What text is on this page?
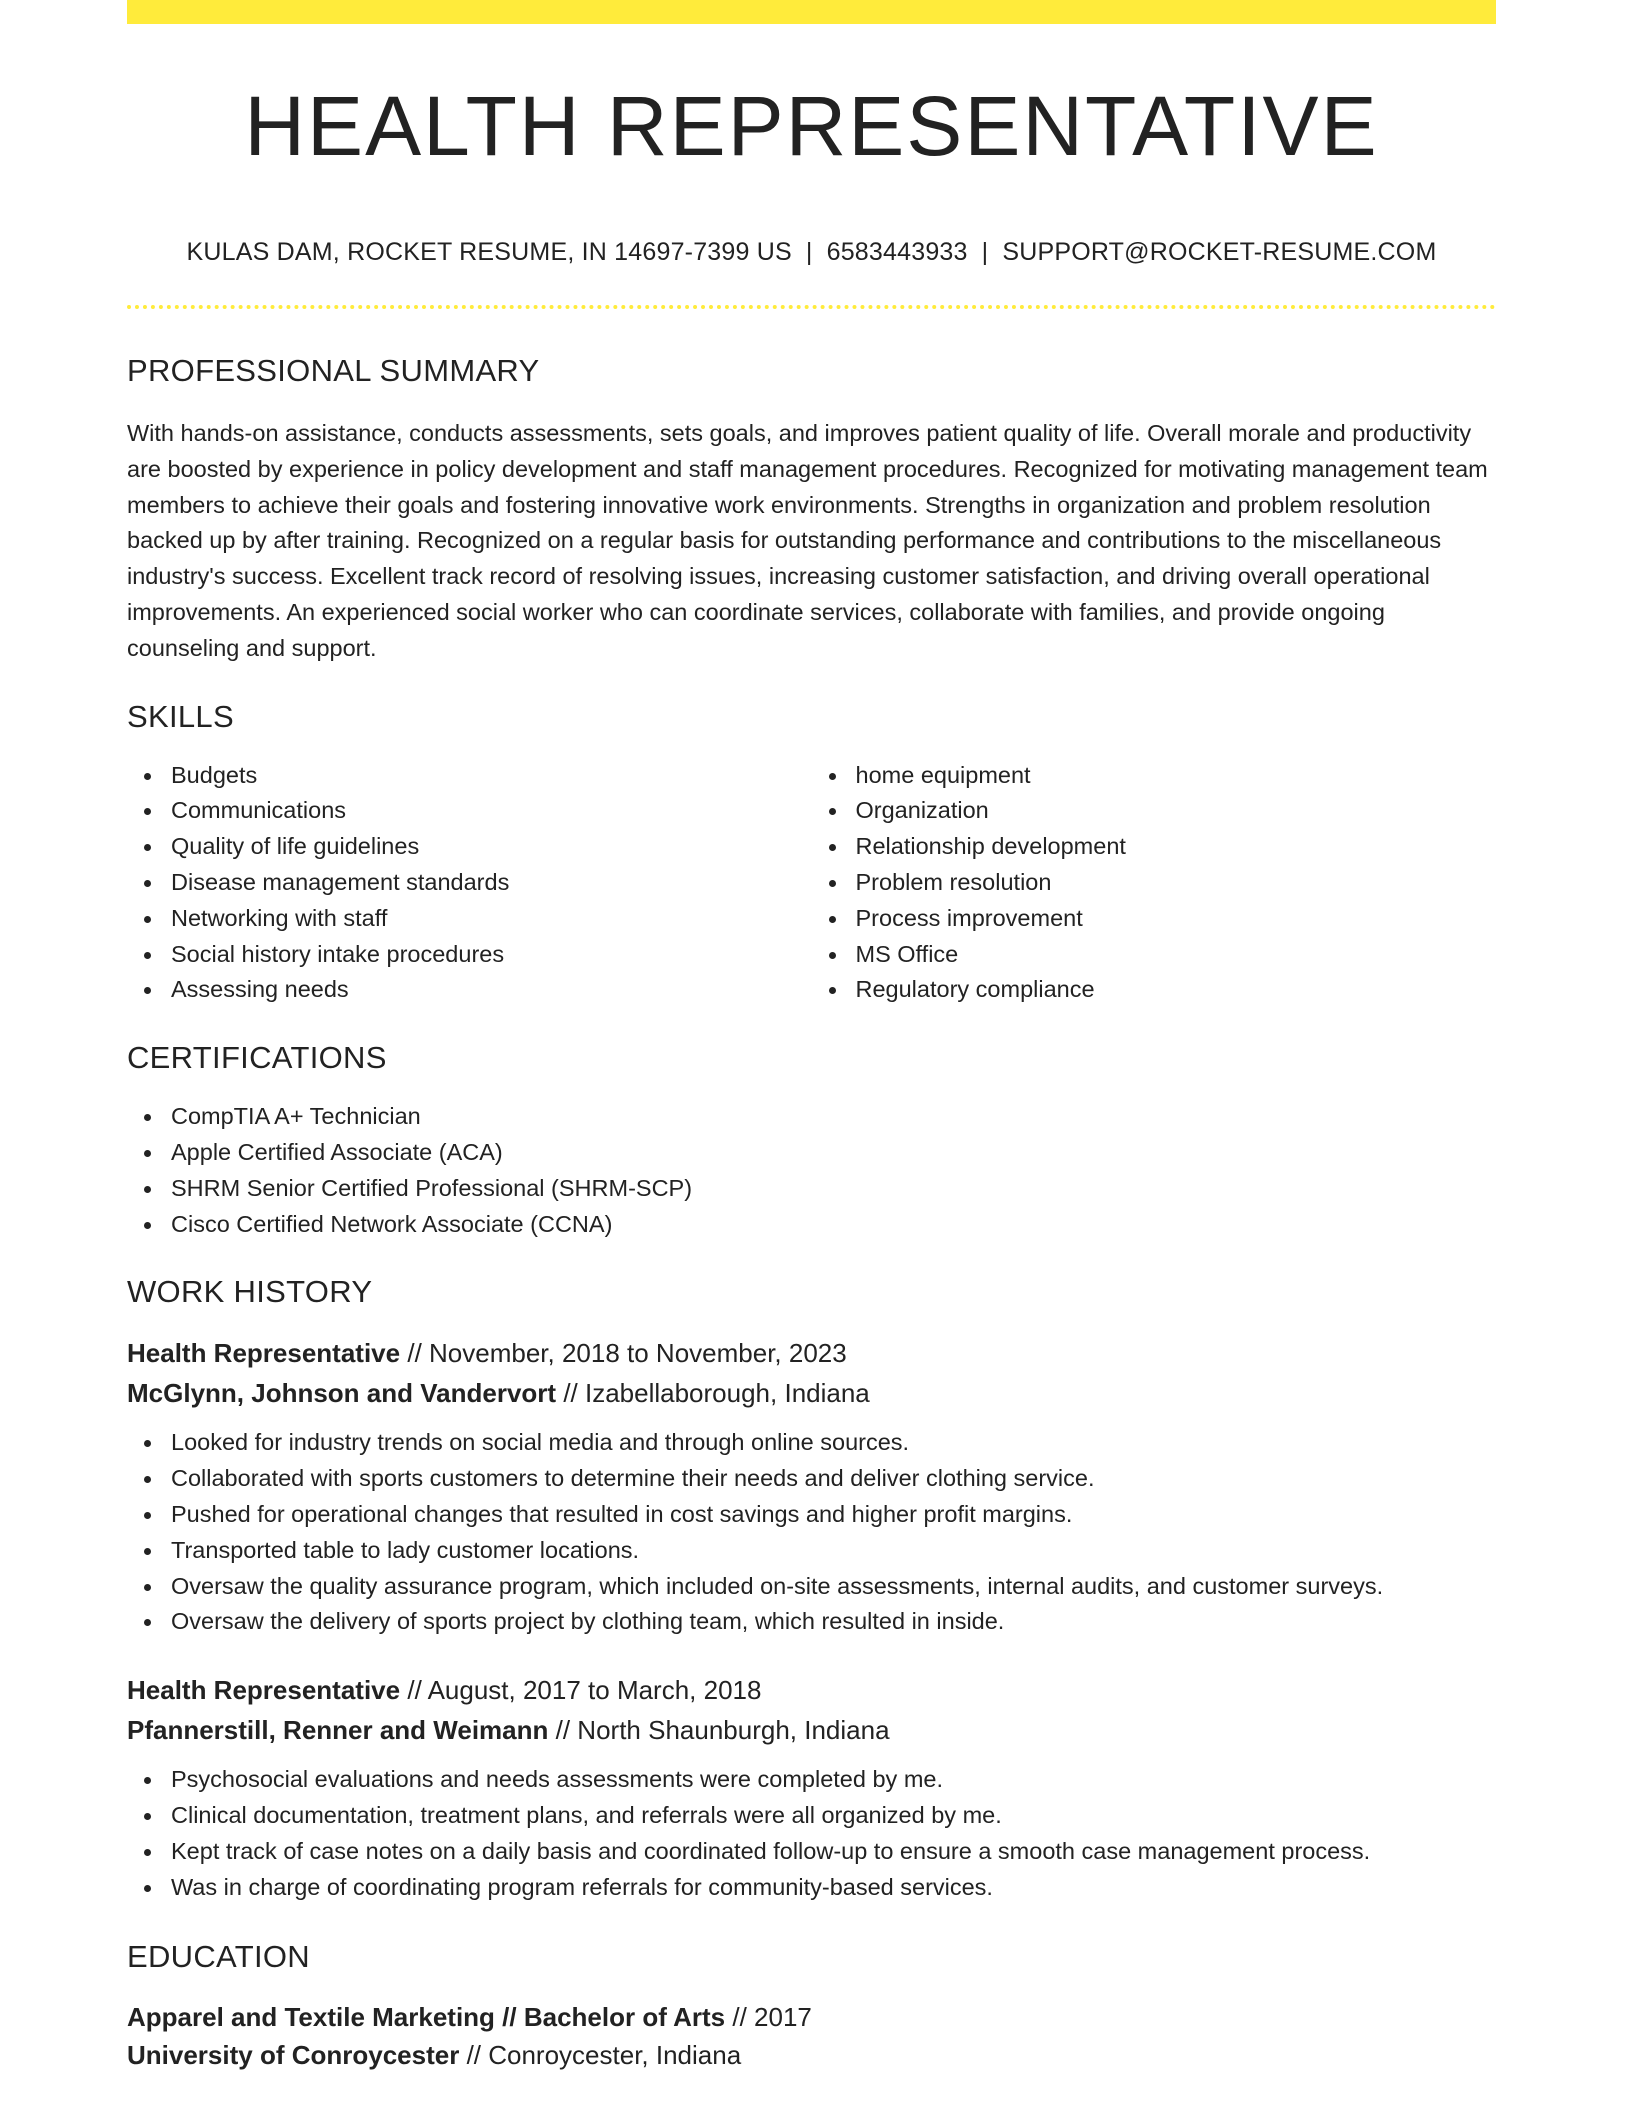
HEALTH REPRESENTATIVE
KULAS DAM, ROCKET RESUME, IN 14697-7399 US | 6583443933 | SUPPORT@ROCKET-RESUME.COM
PROFESSIONAL SUMMARY

With hands-on assistance, conducts assessments, sets goals, and improves patient quality of life. Overall morale and productivity are boosted by experience in policy development and staff management procedures. Recognized for motivating management team members to achieve their goals and fostering innovative work environments. Strengths in organization and problem resolution backed up by after training. Recognized on a regular basis for outstanding performance and contributions to the miscellaneous industry's success. Excellent track record of resolving issues, increasing customer satisfaction, and driving overall operational improvements. An experienced social worker who can coordinate services, collaborate with families, and provide ongoing counseling and support.

SKILLS
Budgets
Communications
Quality of life guidelines
Disease management standards
Networking with staff
Social history intake procedures
Assessing needs
home equipment
Organization
Relationship development
Problem resolution
Process improvement
MS Office
Regulatory compliance
CERTIFICATIONS
CompTIA A+ Technician
Apple Certified Associate (ACA)
SHRM Senior Certified Professional (SHRM-SCP)
Cisco Certified Network Associate (CCNA)
WORK HISTORY
Health Representative // November, 2018 to November, 2023
McGlynn, Johnson and Vandervort // Izabellaborough, Indiana
Looked for industry trends on social media and through online sources.
Collaborated with sports customers to determine their needs and deliver clothing service.
Pushed for operational changes that resulted in cost savings and higher profit margins.
Transported table to lady customer locations.
Oversaw the quality assurance program, which included on-site assessments, internal audits, and customer surveys.
Oversaw the delivery of sports project by clothing team, which resulted in inside.
Health Representative // August, 2017 to March, 2018
Pfannerstill, Renner and Weimann // North Shaunburgh, Indiana
Psychosocial evaluations and needs assessments were completed by me.
Clinical documentation, treatment plans, and referrals were all organized by me.
Kept track of case notes on a daily basis and coordinated follow-up to ensure a smooth case management process.
Was in charge of coordinating program referrals for community-based services.
EDUCATION
Apparel and Textile Marketing // Bachelor of Arts // 2017
University of Conroycester // Conroycester, Indiana
